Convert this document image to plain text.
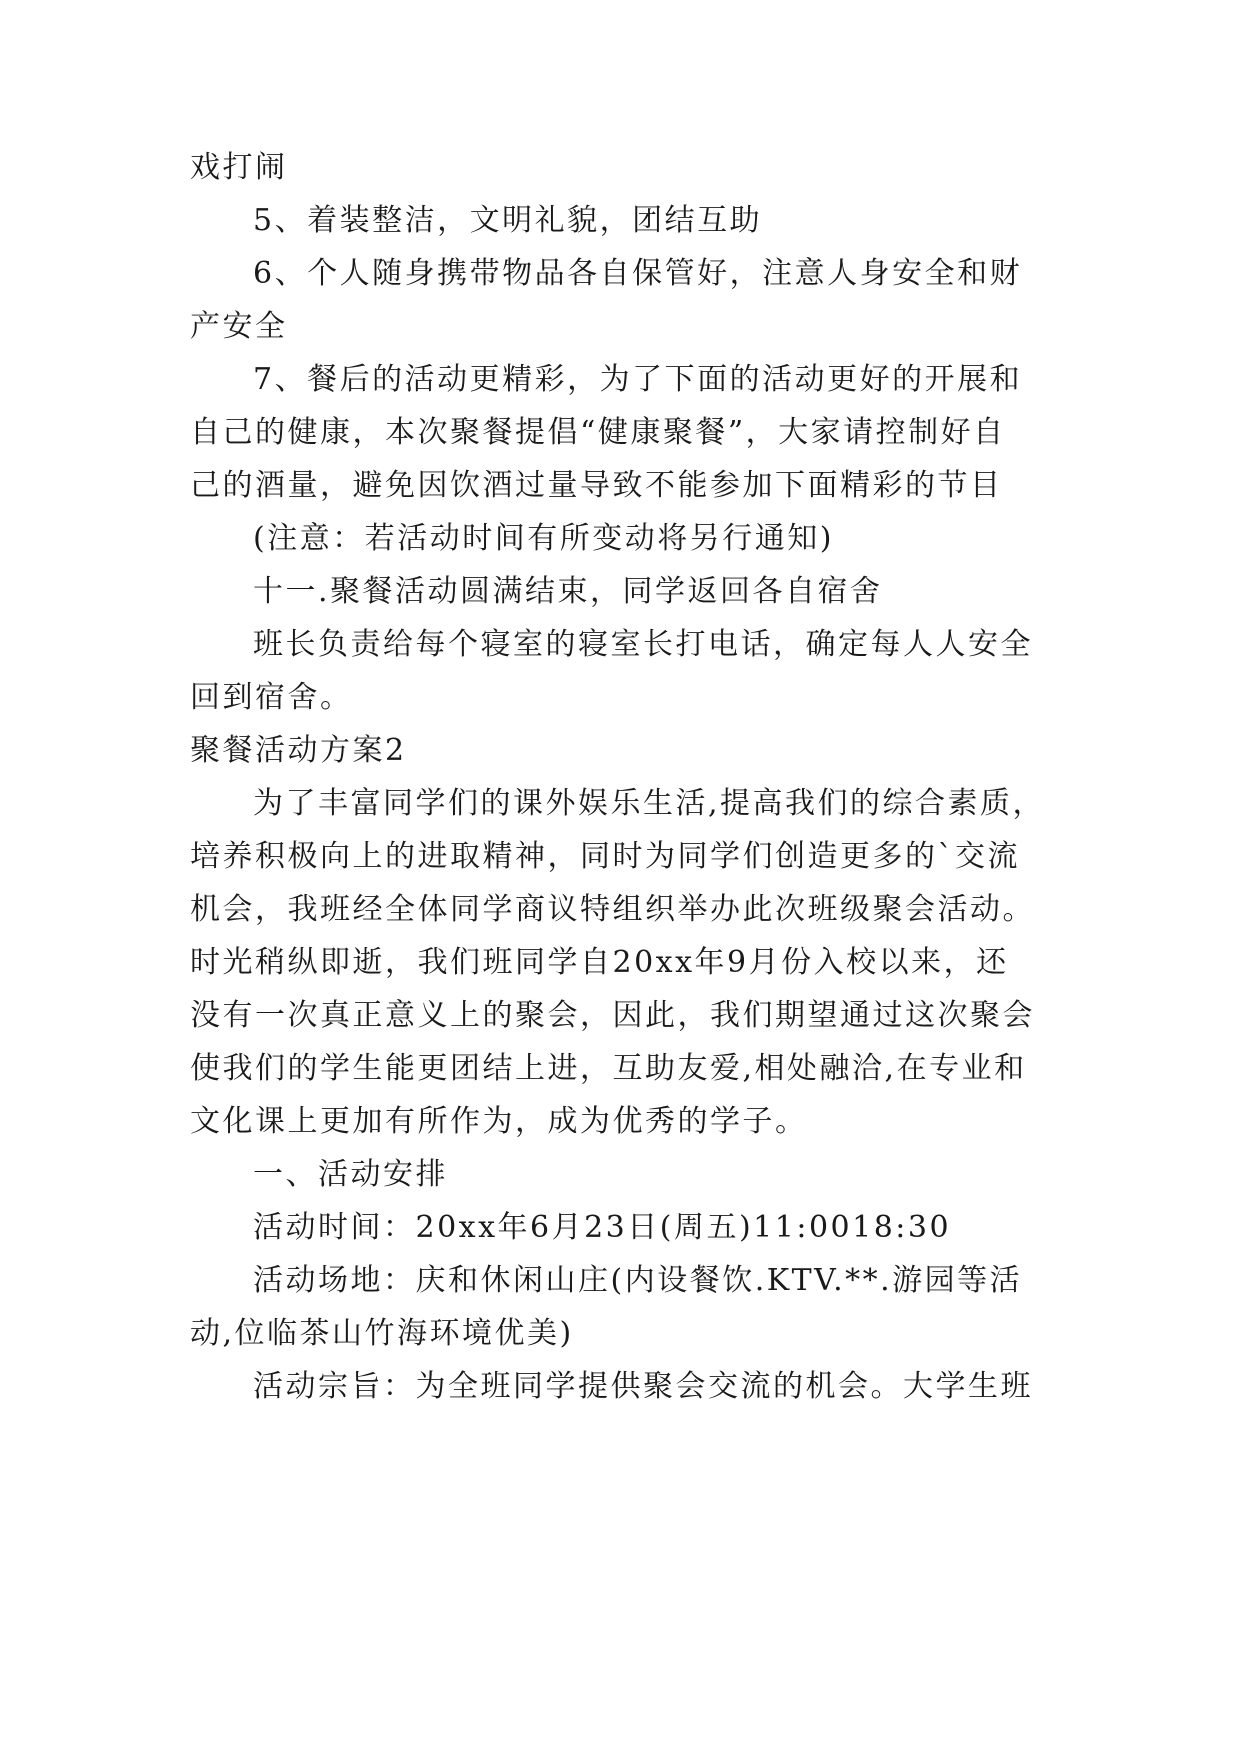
戏打闹
5、着装整洁，文明礼貌，团结互助
6、个人随身携带物品各自保管好，注意人身安全和财
产安全
7、餐后的活动更精彩，为了下面的活动更好的开展和
自己的健康，本次聚餐提倡“健康聚餐”，大家请控制好自
己的酒量，避免因饮酒过量导致不能参加下面精彩的节目
(注意：若活动时间有所变动将另行通知)
十一.聚餐活动圆满结束，同学返回各自宿舍
班长负责给每个寝室的寝室长打电话，确定每人人安全
回到宿舍。
聚餐活动方案2
为了丰富同学们的课外娱乐生活,提高我们的综合素质，
培养积极向上的进取精神，同时为同学们创造更多的`交流
机会，我班经全体同学商议特组织举办此次班级聚会活动。
时光稍纵即逝，我们班同学自20xx年9月份入校以来，还
没有一次真正意义上的聚会，因此，我们期望通过这次聚会
使我们的学生能更团结上进，互助友爱,相处融洽,在专业和
文化课上更加有所作为，成为优秀的学子。
一、活动安排
活动时间：20xx年6月23日(周五)11:0018:30
活动场地：庆和休闲山庄(内设餐饮.KTV.**.游园等活
动,位临茶山竹海环境优美)
活动宗旨：为全班同学提供聚会交流的机会。大学生班
